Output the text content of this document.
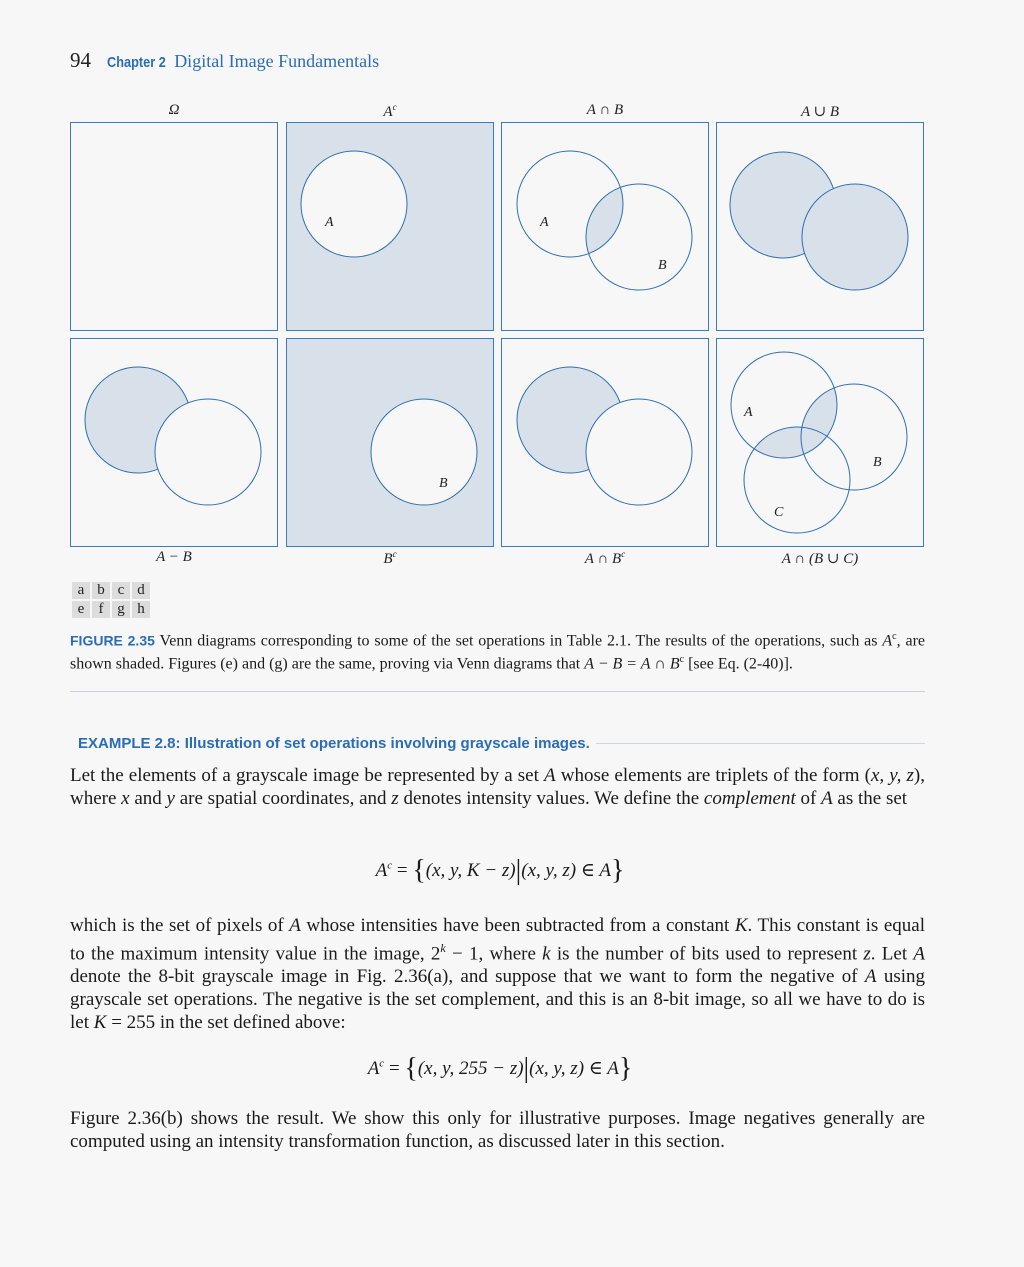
94 Chapter 2 Digital Image Fundamentals
Ω	$A^c$	A ∩ B	A ∪ B
A	A
B
B
A
B
C
A − B	$B^c$	A ∩ $B^c$	A ∩ (B ∪ C)
a b c d
e f g h
FIGURE 2.35 Venn diagrams corresponding to some of the set operations in Table 2.1. The results of the operations, such as $A^c$, are shown shaded. Figures (e) and (g) are the same, proving via Venn diagrams that A − B = A ∩ $B^c$ [see Eq. (2-40)].
EXAMPLE 2.8: Illustration of set operations involving grayscale images.
Let the elements of a grayscale image be represented by a set A whose elements are triplets of the form (x, y, z), where x and y are spatial coordinates, and z denotes intensity values. We define the complement of A as the set
$A^c = \{(x$, y, K − z)|(x, y, z) ∈ A}
which is the set of pixels of A whose intensities have been subtracted from a constant K. This constant is equal to the maximum intensity value in the image, $2^k - 1$, where k is the number of bits used to represent z. Let A denote the 8-bit grayscale image in Fig. 2.36(a), and suppose that we want to form the negative of A using grayscale set operations. The negative is the set complement, and this is an 8-bit image, so all we have to do is let K = 255 in the set defined above:
$A^c = \{(x$, y, 255 − z)|(x, y, z) ∈ A}
Figure 2.36(b) shows the result. We show this only for illustrative purposes. Image negatives generally are computed using an intensity transformation function, as discussed later in this section.
